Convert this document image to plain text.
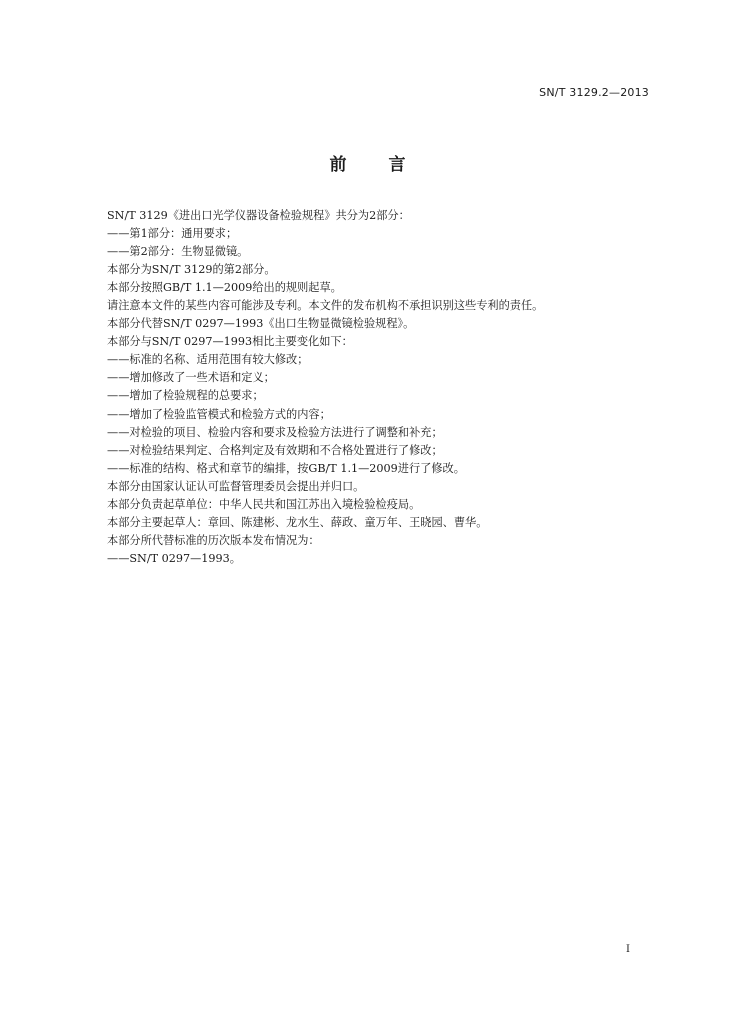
SN/T 3129.2—2013
前 言
SN/T 3129《进出口光学仪器设备检验规程》共分为2部分：
——第1部分：通用要求；
——第2部分：生物显微镜。
本部分为SN/T 3129的第2部分。
本部分按照GB/T 1.1—2009给出的规则起草。
请注意本文件的某些内容可能涉及专利。本文件的发布机构不承担识别这些专利的责任。
本部分代替SN/T 0297—1993《出口生物显微镜检验规程》。
本部分与SN/T 0297—1993相比主要变化如下：
——标准的名称、适用范围有较大修改；
——增加修改了一些术语和定义；
——增加了检验规程的总要求；
——增加了检验监管模式和检验方式的内容；
——对检验的项目、检验内容和要求及检验方法进行了调整和补充；
——对检验结果判定、合格判定及有效期和不合格处置进行了修改；
——标准的结构、格式和章节的编排，按GB/T 1.1—2009进行了修改。
本部分由国家认证认可监督管理委员会提出并归口。
本部分负责起草单位：中华人民共和国江苏出入境检验检疫局。
本部分主要起草人：章回、陈建彬、龙水生、薛政、童万年、王晓园、曹华。
本部分所代替标准的历次版本发布情况为：
——SN/T 0297—1993。
I
